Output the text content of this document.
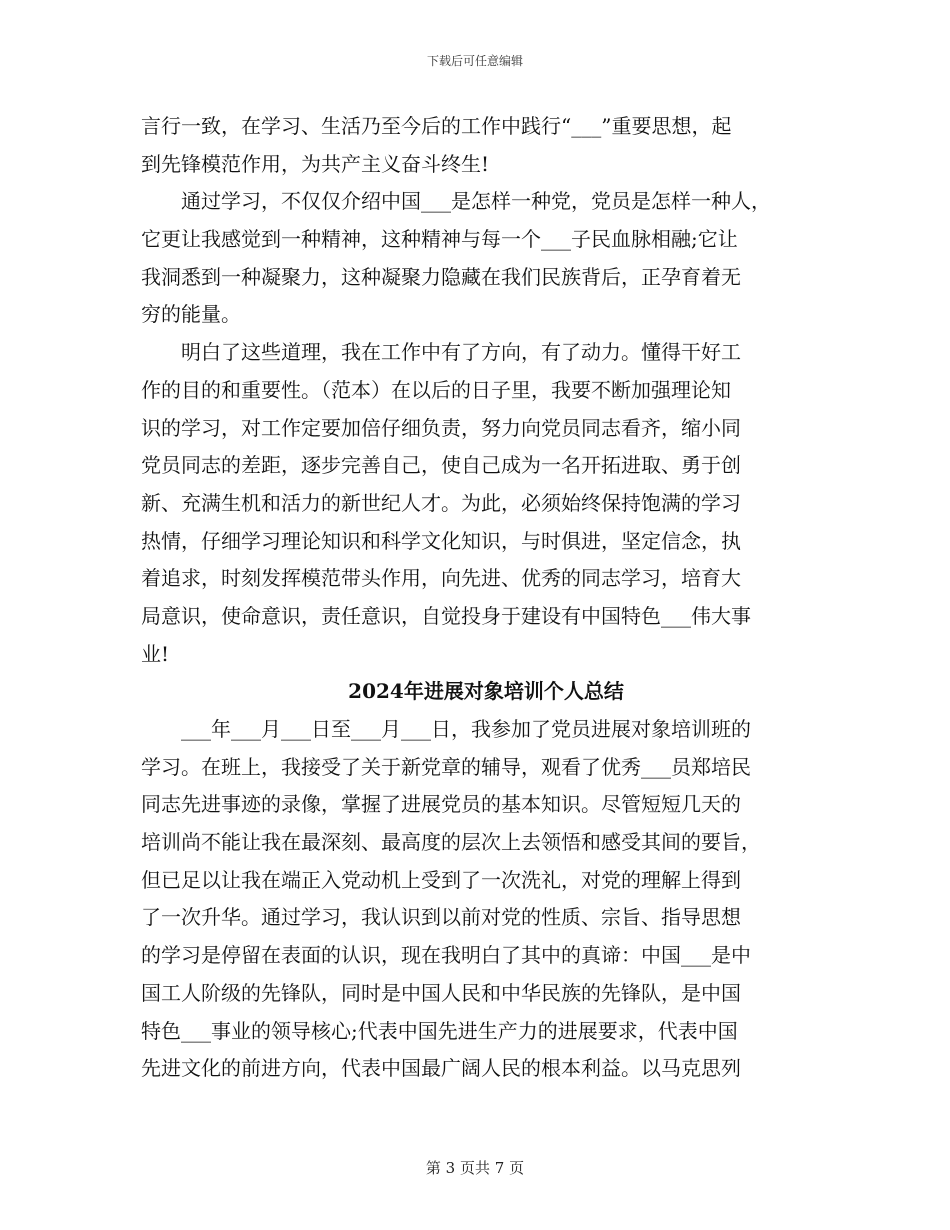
下载后可任意编辑
言行一致，在学习、生活乃至今后的工作中践行“___”重要思想，起
到先锋模范作用，为共产主义奋斗终生!
　　通过学习，不仅仅介绍中国___是怎样一种党，党员是怎样一种人，
它更让我感觉到一种精神，这种精神与每一个___子民血脉相融;它让
我洞悉到一种凝聚力，这种凝聚力隐藏在我们民族背后，正孕育着无
穷的能量。
　　明白了这些道理，我在工作中有了方向，有了动力。懂得干好工
作的目的和重要性。（范本）在以后的日子里，我要不断加强理论知
识的学习，对工作定要加倍仔细负责，努力向党员同志看齐，缩小同
党员同志的差距，逐步完善自己，使自己成为一名开拓进取、勇于创
新、充满生机和活力的新世纪人才。为此，必须始终保持饱满的学习
热情，仔细学习理论知识和科学文化知识，与时俱进，坚定信念，执
着追求，时刻发挥模范带头作用，向先进、优秀的同志学习，培育大
局意识，使命意识，责任意识，自觉投身于建设有中国特色___伟大事
业!
2024年进展对象培训个人总结
　　___年___月___日至___月___日，我参加了党员进展对象培训班的
学习。在班上，我接受了关于新党章的辅导，观看了优秀___员郑培民
同志先进事迹的录像，掌握了进展党员的基本知识。尽管短短几天的
培训尚不能让我在最深刻、最高度的层次上去领悟和感受其间的要旨，
但已足以让我在端正入党动机上受到了一次洗礼，对党的理解上得到
了一次升华。通过学习，我认识到以前对党的性质、宗旨、指导思想
的学习是停留在表面的认识，现在我明白了其中的真谛：中国___是中
国工人阶级的先锋队，同时是中国人民和中华民族的先锋队，是中国
特色___事业的领导核心;代表中国先进生产力的进展要求，代表中国
先进文化的前进方向，代表中国最广阔人民的根本利益。以马克思列
第 3 页共 7 页
